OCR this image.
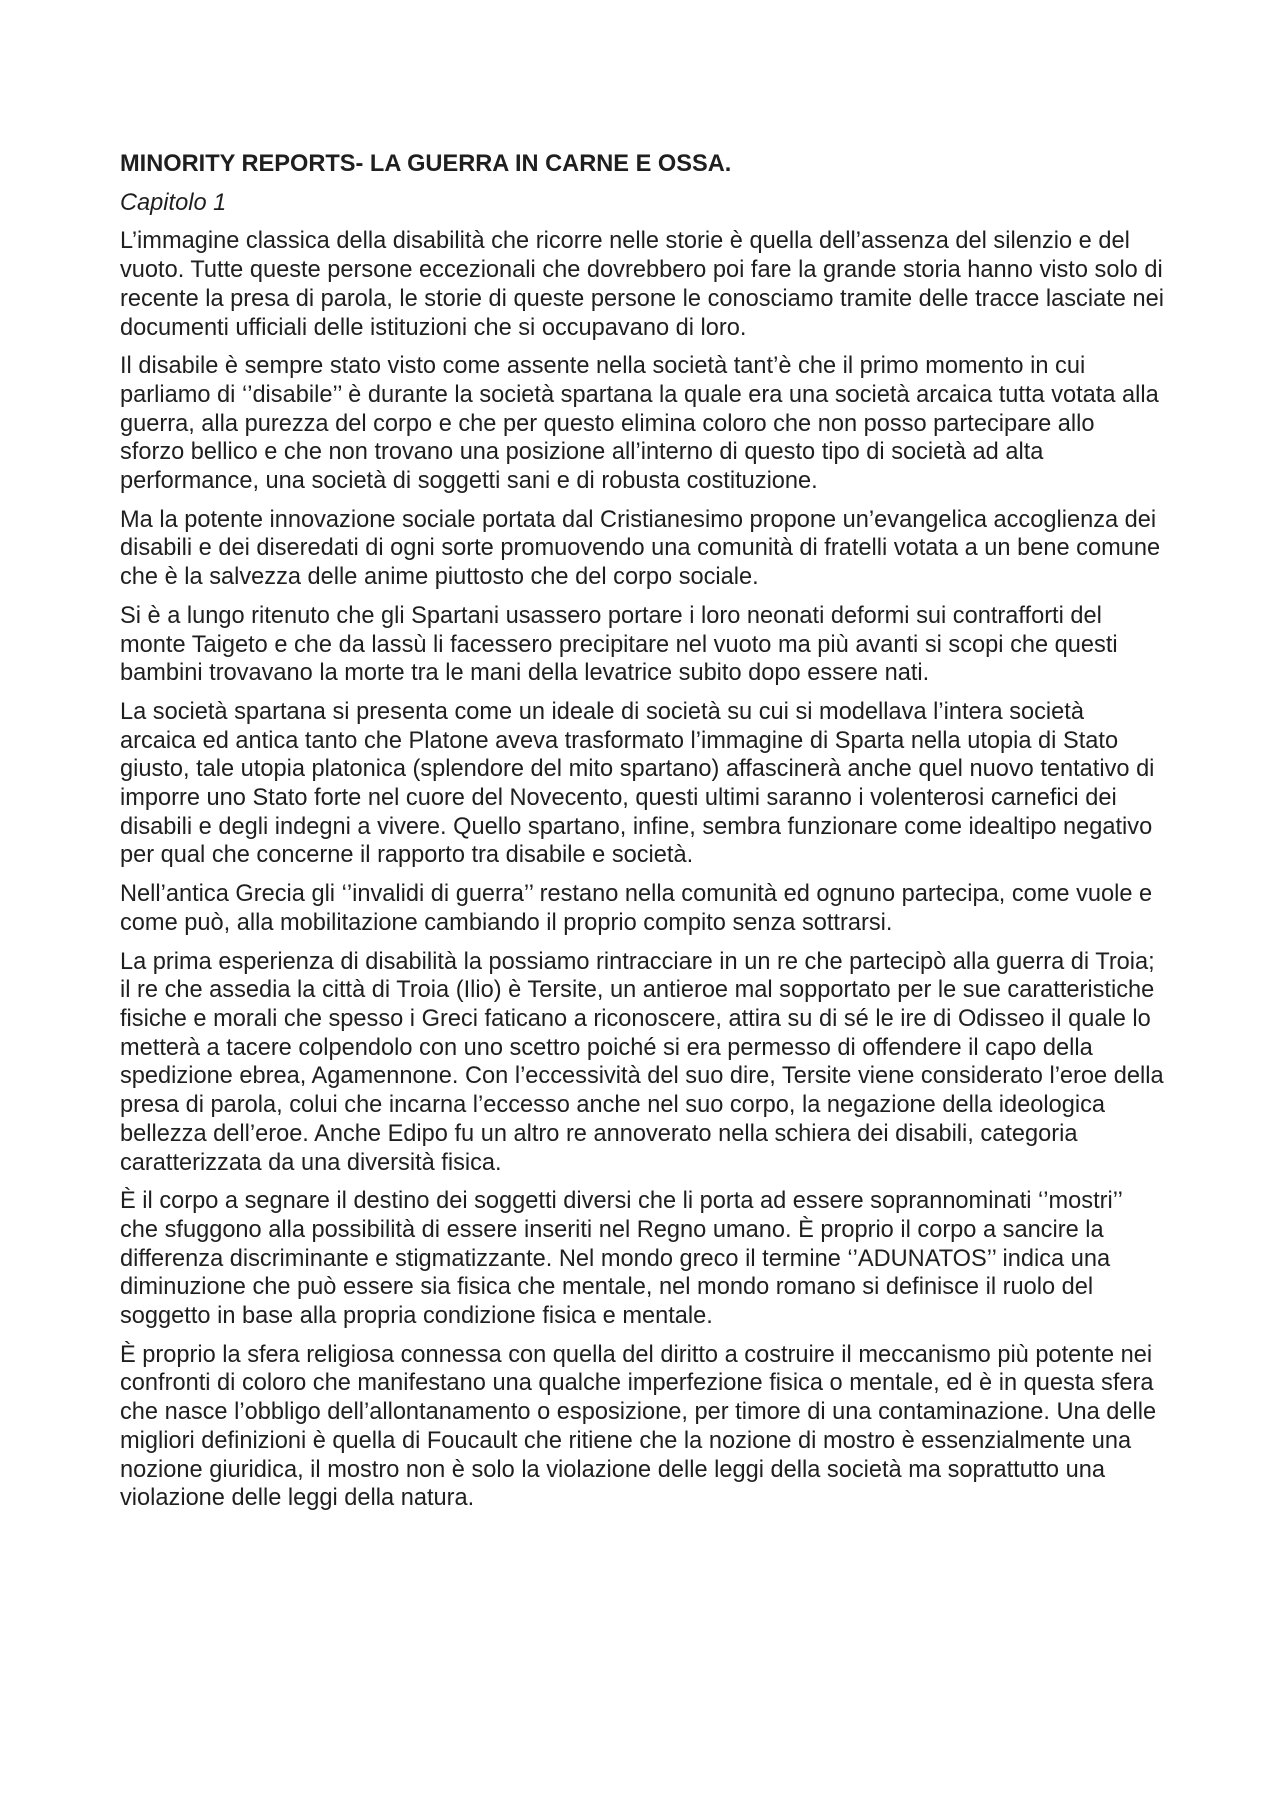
MINORITY REPORTS- LA GUERRA IN CARNE E OSSA.
Capitolo 1

L’immagine classica della disabilità che ricorre nelle storie è quella dell’assenza del silenzio e del vuoto. Tutte queste persone eccezionali che dovrebbero poi fare la grande storia hanno visto solo di recente la presa di parola, le storie di queste persone le conosciamo tramite delle tracce lasciate nei documenti ufficiali delle istituzioni che si occupavano di loro.

Il disabile è sempre stato visto come assente nella società tant’è che il primo momento in cui parliamo di ‘’disabile’’ è durante la società spartana la quale era una società arcaica tutta votata alla guerra, alla purezza del corpo e che per questo elimina coloro che non posso partecipare allo sforzo bellico e che non trovano una posizione all’interno di questo tipo di società ad alta performance, una società di soggetti sani e di robusta costituzione.

Ma la potente innovazione sociale portata dal Cristianesimo propone un’evangelica accoglienza dei disabili e dei diseredati di ogni sorte promuovendo una comunità di fratelli votata a un bene comune che è la salvezza delle anime piuttosto che del corpo sociale.

Si è a lungo ritenuto che gli Spartani usassero portare i loro neonati deformi sui contrafforti del monte Taigeto e che da lassù li facessero precipitare nel vuoto ma più avanti si scopi che questi bambini trovavano la morte tra le mani della levatrice subito dopo essere nati.

La società spartana si presenta come un ideale di società su cui si modellava l’intera società arcaica ed antica tanto che Platone aveva trasformato l’immagine di Sparta nella utopia di Stato giusto, tale utopia platonica (splendore del mito spartano) affascinerà anche quel nuovo tentativo di imporre uno Stato forte nel cuore del Novecento, questi ultimi saranno i volenterosi carnefici dei disabili e degli indegni a vivere. Quello spartano, infine, sembra funzionare come idealtipo negativo per qual che concerne il rapporto tra disabile e società.

Nell’antica Grecia gli ‘’invalidi di guerra’’ restano nella comunità ed ognuno partecipa, come vuole e come può, alla mobilitazione cambiando il proprio compito senza sottrarsi.

La prima esperienza di disabilità la possiamo rintracciare in un re che partecipò alla guerra di Troia; il re che assedia la città di Troia (Ilio) è Tersite, un antieroe mal sopportato per le sue caratteristiche fisiche e morali che spesso i Greci faticano a riconoscere, attira su di sé le ire di Odisseo il quale lo metterà a tacere colpendolo con uno scettro poiché si era permesso di offendere il capo della spedizione ebrea, Agamennone. Con l’eccessività del suo dire, Tersite viene considerato l’eroe della presa di parola, colui che incarna l’eccesso anche nel suo corpo, la negazione della ideologica bellezza dell’eroe. Anche Edipo fu un altro re annoverato nella schiera dei disabili, categoria caratterizzata da una diversità fisica.

È il corpo a segnare il destino dei soggetti diversi che li porta ad essere soprannominati ‘’mostri’’ che sfuggono alla possibilità di essere inseriti nel Regno umano. È proprio il corpo a sancire la differenza discriminante e stigmatizzante. Nel mondo greco il termine ‘’ADUNATOS’’ indica una diminuzione che può essere sia fisica che mentale, nel mondo romano si definisce il ruolo del soggetto in base alla propria condizione fisica e mentale.

È proprio la sfera religiosa connessa con quella del diritto a costruire il meccanismo più potente nei confronti di coloro che manifestano una qualche imperfezione fisica o mentale, ed è in questa sfera che nasce l’obbligo dell’allontanamento o esposizione, per timore di una contaminazione. Una delle migliori definizioni è quella di Foucault che ritiene che la nozione di mostro è essenzialmente una nozione giuridica, il mostro non è solo la violazione delle leggi della società ma soprattutto una violazione delle leggi della natura.
